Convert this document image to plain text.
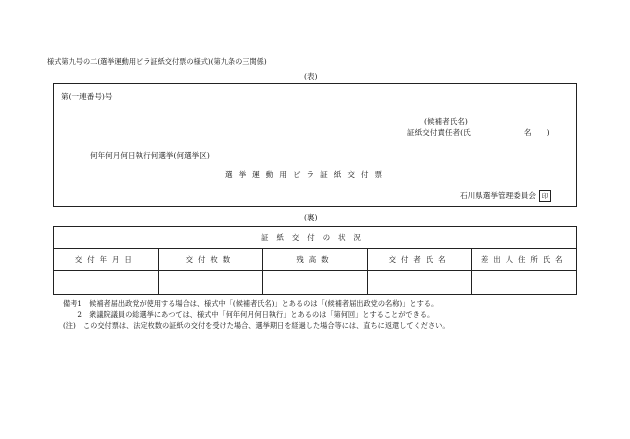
様式第九号の二(選挙運動用ビラ証紙交付票の様式)(第九条の三関係)
(表)
第(一連番号)号
(候補者氏名)
証紙交付責任者(氏　　　　　　　名　　)
何年何月何日執行何選挙(何選挙区)
選挙運動用ビラ証紙交付票
石川県選挙管理委員会 印
(裏)
証紙交付の状況				
交付年月日	交付枚数	残高数	交付者氏名	差出人住所氏名

備考1　候補者届出政党が使用する場合は、様式中「(候補者氏名)」とあるのは「(候補者届出政党の名称)」とする。
　　2　衆議院議員の総選挙にあつては、様式中「何年何月何日執行」とあるのは「第何回」とすることができる。
(注)　この交付票は、法定枚数の証紙の交付を受けた場合、選挙期日を経過した場合等には、直ちに返還してください。
